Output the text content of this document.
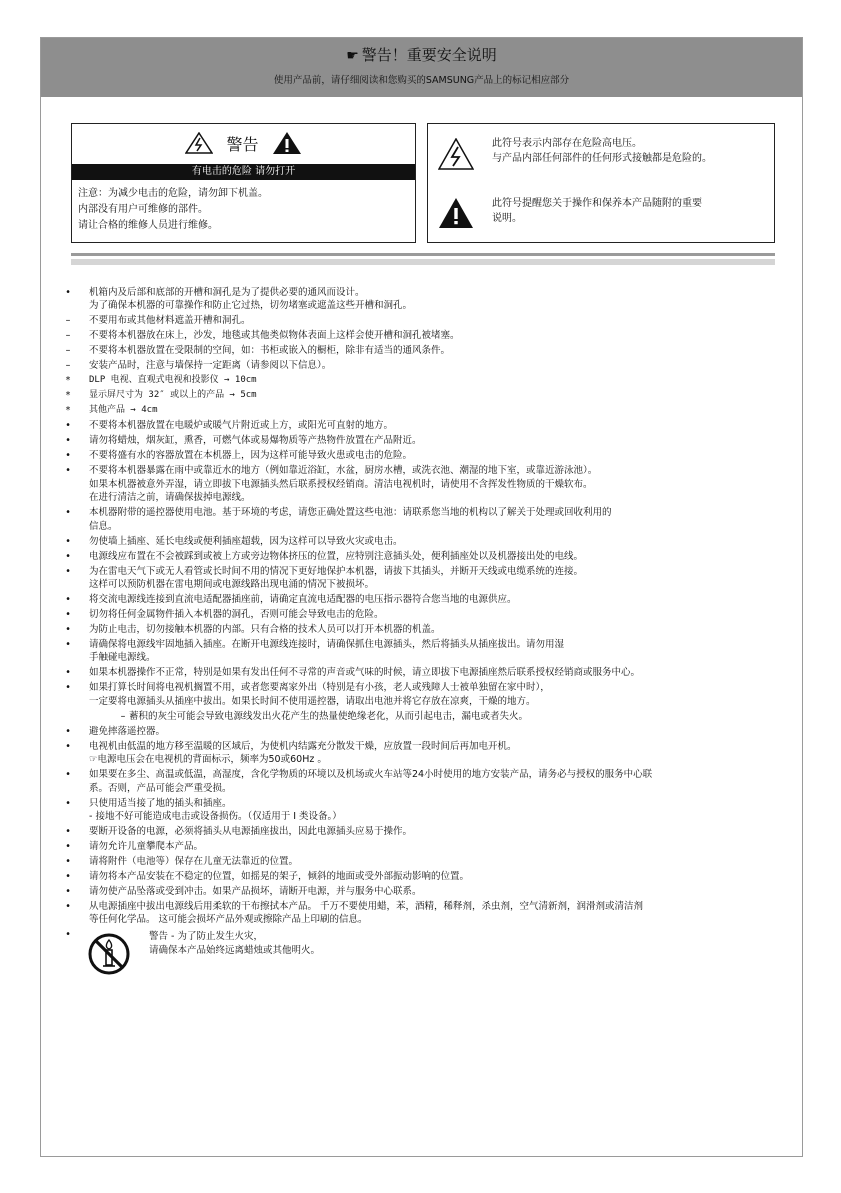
☛ 警告！重要安全说明
使用产品前，请仔细阅读和您购买的SAMSUNG产品上的标记相应部分
警告
有电击的危险 请勿打开
注意：为减少电击的危险，请勿卸下机盖。
内部没有用户可维修的部件。
请让合格的维修人员进行维修。
此符号表示内部存在危险高电压。
与产品内部任何部件的任何形式接触都是危险的。
此符号提醒您关于操作和保养本产品随附的重要
说明。
•	机箱内及后部和底部的开槽和洞孔是为了提供必要的通风而设计。
为了确保本机器的可靠操作和防止它过热，切勿堵塞或遮盖这些开槽和洞孔。
–	不要用布或其他材料遮盖开槽和洞孔。
–	不要将本机器放在床上，沙发，地毯或其他类似物体表面上这样会使开槽和洞孔被堵塞。
–	不要将本机器放置在受限制的空间，如：书柜或嵌入的橱柜，除非有适当的通风条件。
–	安装产品时，注意与墙保持一定距离（请参阅以下信息）。
*	DLP 电视、直观式电视和投影仪 → 10cm
*	显示屏尺寸为 32″ 或以上的产品 → 5cm
*	其他产品 → 4cm
•	不要将本机器放置在电暖炉或暖气片附近或上方，或阳光可直射的地方。
•	请勿将蜡烛，烟灰缸，熏香，可燃气体或易爆物质等产热物件放置在产品附近。
•	不要将盛有水的容器放置在本机器上，因为这样可能导致火患或电击的危险。
•	不要将本机器暴露在雨中或靠近水的地方（例如靠近浴缸，水盆，厨房水槽，或洗衣池、潮湿的地下室，或靠近游泳池）。
如果本机器被意外弄湿，请立即拔下电源插头然后联系授权经销商。清洁电视机时，请使用不含挥发性物质的干燥软布。
在进行清洁之前，请确保拔掉电源线。
•	本机器附带的遥控器使用电池。基于环境的考虑，请您正确处置这些电池：请联系您当地的机构以了解关于处理或回收利用的
信息。
•	勿使墙上插座、延长电线或便利插座超载，因为这样可以导致火灾或电击。
•	电源线应布置在不会被踩到或被上方或旁边物体挤压的位置，应特别注意插头处，便利插座处以及机器接出处的电线。
•	为在雷电天气下或无人看管或长时间不用的情况下更好地保护本机器，请拔下其插头，并断开天线或电缆系统的连接。
这样可以预防机器在雷电期间或电源线路出现电涌的情况下被损坏。
•	将交流电源线连接到直流电适配器插座前，请确定直流电适配器的电压指示器符合您当地的电源供应。
•	切勿将任何金属物件插入本机器的洞孔，否则可能会导致电击的危险。
•	为防止电击，切勿接触本机器的内部。只有合格的技术人员可以打开本机器的机盖。
•	请确保将电源线牢固地插入插座。在断开电源线连接时，请确保抓住电源插头，然后将插头从插座拔出。请勿用湿
手触碰电源线。
•	如果本机器操作不正常，特别是如果有发出任何不寻常的声音或气味的时候，请立即拔下电源插座然后联系授权经销商或服务中心。
•	如果打算长时间将电视机搁置不用，或者您要离家外出（特别是有小孩，老人或残障人士被单独留在家中时），
一定要将电源插头从插座中拔出。如果长时间不使用遥控器，请取出电池并将它存放在凉爽，干燥的地方。
– 蓄积的灰尘可能会导致电源线发出火花产生的热量使绝缘老化，从而引起电击，漏电或者失火。
•	避免摔落遥控器。
•	电视机由低温的地方移至温暖的区域后，为使机内结露充分散发干燥，应放置一段时间后再加电开机。
☞电源电压会在电视机的背面标示，频率为50或60Hz 。
•	如果要在多尘、高温或低温，高湿度，含化学物质的环境以及机场或火车站等24小时使用的地方安装产品，请务必与授权的服务中心联
系。否则，产品可能会严重受损。
•	只使用适当接了地的插头和插座。
- 接地不好可能造成电击或设备损伤。（仅适用于 Ⅰ 类设备。）
•	要断开设备的电源，必须将插头从电源插座拔出，因此电源插头应易于操作。
•	请勿允许儿童攀爬本产品。
•	请将附件（电池等）保存在儿童无法靠近的位置。
•	请勿将本产品安装在不稳定的位置，如摇晃的架子，倾斜的地面或受外部振动影响的位置。
•	请勿使产品坠落或受到冲击。如果产品损坏，请断开电源，并与服务中心联系。
•	从电源插座中拔出电源线后用柔软的干布擦拭本产品。 千万不要使用蜡，苯，酒精，稀释剂，杀虫剂，空气清新剂，润滑剂或清洁剂
等任何化学品。 这可能会损坏产品外观或擦除产品上印刷的信息。
•	警告 - 为了防止发生火灾，
请确保本产品始终远离蜡烛或其他明火。
